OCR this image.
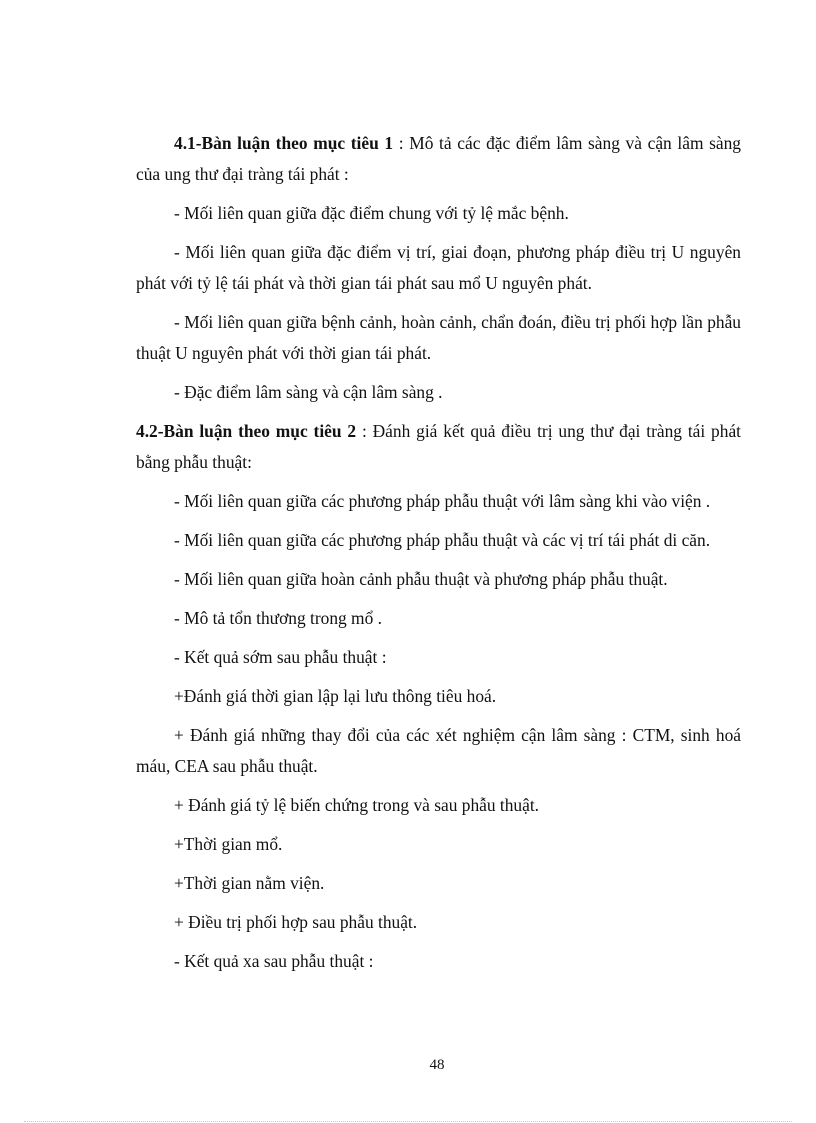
4.1-Bàn luận theo mục tiêu 1 : Mô tả các đặc điểm lâm sàng và cận lâm sàng của ung thư đại tràng tái phát :

- Mối liên quan giữa đặc điểm chung với tỷ lệ mắc bệnh.

- Mối liên quan giữa đặc điểm vị trí, giai đoạn, phương pháp điều trị U nguyên phát với tỷ lệ tái phát và thời gian tái phát sau mổ U nguyên phát.

- Mối liên quan giữa bệnh cảnh, hoàn cảnh, chẩn đoán, điều trị phối hợp lần phẫu thuật U nguyên phát với thời gian tái phát.

- Đặc điểm lâm sàng và cận lâm sàng .

4.2-Bàn luận theo mục tiêu 2 : Đánh giá kết quả điều trị ung thư đại tràng tái phát bằng phẫu thuật:

- Mối liên quan giữa các phương pháp phẫu thuật với lâm sàng khi vào viện .

- Mối liên quan giữa các phương pháp phẫu thuật và các vị trí tái phát di căn.

- Mối liên quan giữa hoàn cảnh phẫu thuật và phương pháp phẫu thuật.

- Mô tả tổn thương trong mổ .

- Kết quả sớm sau phẫu thuật :

+Đánh giá thời gian lập lại lưu thông tiêu hoá.

+ Đánh giá những thay đổi của các xét nghiệm cận lâm sàng : CTM, sinh hoá máu, CEA sau phẫu thuật.

+ Đánh giá tỷ lệ biến chứng trong và sau phẫu thuật.

+Thời gian mổ.

+Thời gian nằm viện.

+ Điều trị phối hợp sau phẫu thuật.

- Kết quả xa sau phẫu thuật :

48
